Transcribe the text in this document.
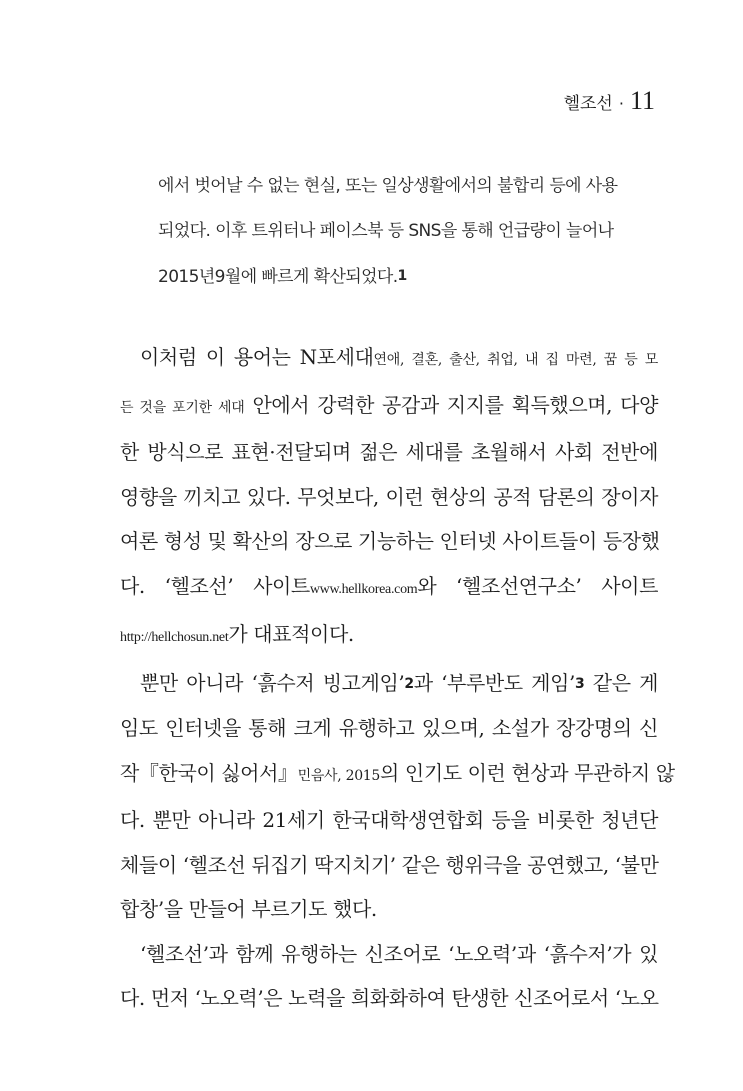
헬조선 · 11
에서 벗어날 수 없는 현실, 또는 일상생활에서의 불합리 등에 사용
되었다. 이후 트위터나 페이스북 등 SNS을 통해 언급량이 늘어나
2015년9월에 빠르게 확산되었다.1
이처럼 이 용어는 N포세대연애, 결혼, 출산, 취업, 내 집 마련, 꿈 등 모
든 것을 포기한 세대 안에서 강력한 공감과 지지를 획득했으며, 다양
한 방식으로 표현·전달되며 젊은 세대를 초월해서 사회 전반에
영향을 끼치고 있다. 무엇보다, 이런 현상의 공적 담론의 장이자
여론 형성 및 확산의 장으로 기능하는 인터넷 사이트들이 등장했
다. ‘헬조선’ 사이트www.hellkorea.com와 ‘헬조선연구소’ 사이트
http://hellchosun.net가 대표적이다.
뿐만 아니라 ‘흙수저 빙고게임’2과 ‘부루반도 게임’3 같은 게
임도 인터넷을 통해 크게 유행하고 있으며, 소설가 장강명의 신
작『한국이 싫어서』민음사, 2015의 인기도 이런 현상과 무관하지 않
다. 뿐만 아니라 21세기 한국대학생연합회 등을 비롯한 청년단
체들이 ‘헬조선 뒤집기 딱지치기’ 같은 행위극을 공연했고, ‘불만
합창’을 만들어 부르기도 했다.
‘헬조선’과 함께 유행하는 신조어로 ‘노오력’과 ‘흙수저’가 있
다. 먼저 ‘노오력’은 노력을 희화화하여 탄생한 신조어로서 ‘노오
